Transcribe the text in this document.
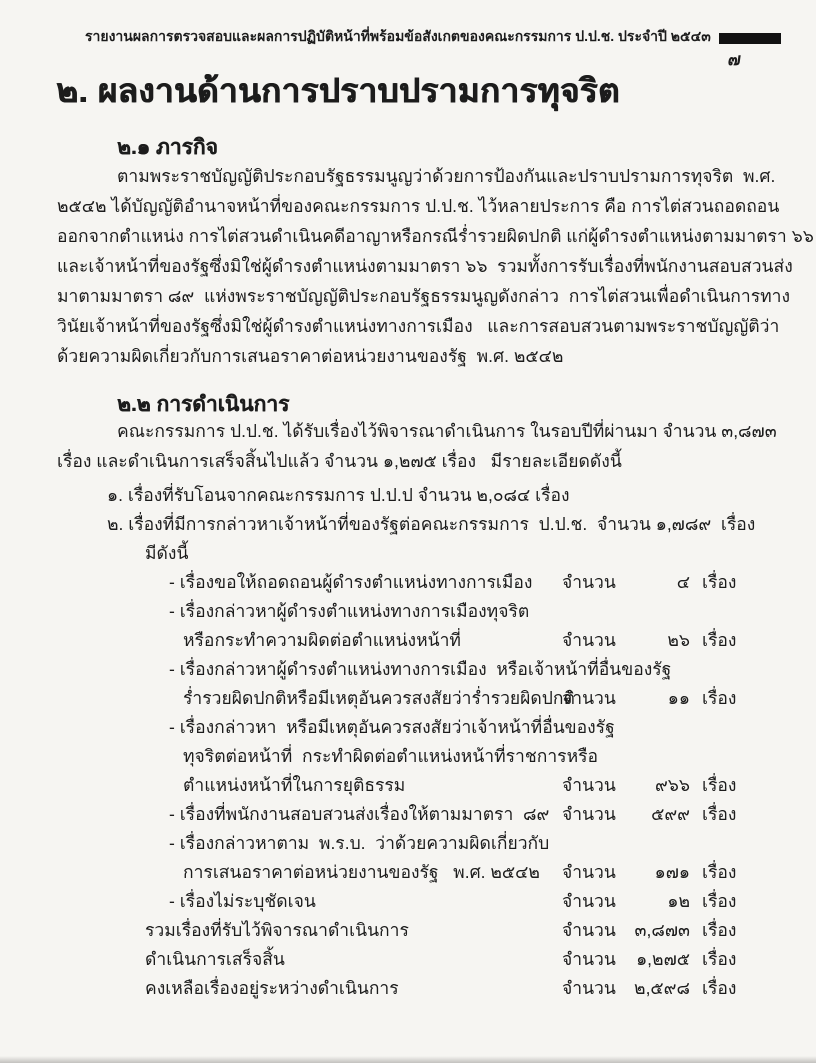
รายงานผลการตรวจสอบและผลการปฏิบัติหน้าที่พร้อมข้อสังเกตของคณะกรรมการ ป.ป.ช. ประจำปี ๒๕๔๓
๗
๒. ผลงานด้านการปราบปรามการทุจริต
๒.๑ ภารกิจ
ตามพระราชบัญญัติประกอบรัฐธรรมนูญว่าด้วยการป้องกันและปราบปรามการทุจริต  พ.ศ.
๒๕๔๒ ได้บัญญัติอำนาจหน้าที่ของคณะกรรมการ ป.ป.ช. ไว้หลายประการ คือ การไต่สวนถอดถอน
ออกจากตำแหน่ง การไต่สวนดำเนินคดีอาญาหรือกรณีร่ำรวยผิดปกติ แก่ผู้ดำรงตำแหน่งตามมาตรา ๖๖
และเจ้าหน้าที่ของรัฐซึ่งมิใช่ผู้ดำรงตำแหน่งตามมาตรา ๖๖  รวมทั้งการรับเรื่องที่พนักงานสอบสวนส่ง
มาตามมาตรา ๘๙  แห่งพระราชบัญญัติประกอบรัฐธรรมนูญดังกล่าว  การไต่สวนเพื่อดำเนินการทาง
วินัยเจ้าหน้าที่ของรัฐซึ่งมิใช่ผู้ดำรงตำแหน่งทางการเมือง   และการสอบสวนตามพระราชบัญญัติว่า
ด้วยความผิดเกี่ยวกับการเสนอราคาต่อหน่วยงานของรัฐ  พ.ศ. ๒๕๔๒
๒.๒ การดำเนินการ
คณะกรรมการ ป.ป.ช. ได้รับเรื่องไว้พิจารณาดำเนินการ ในรอบปีที่ผ่านมา จำนวน ๓,๘๗๓
เรื่อง และดำเนินการเสร็จสิ้นไปแล้ว จำนวน ๑,๒๗๕ เรื่อง   มีรายละเอียดดังนี้
๑. เรื่องที่รับโอนจากคณะกรรมการ ป.ป.ป จำนวน ๒,๐๘๔ เรื่อง
๒. เรื่องที่มีการกล่าวหาเจ้าหน้าที่ของรัฐต่อคณะกรรมการ  ป.ป.ช.  จำนวน ๑,๗๘๙  เรื่อง
มีดังนี้
- เรื่องขอให้ถอดถอนผู้ดำรงตำแหน่งทางการเมือง	จำนวน	๔ เรื่อง
- เรื่องกล่าวหาผู้ดำรงตำแหน่งทางการเมืองทุจริต
หรือกระทำความผิดต่อตำแหน่งหน้าที่	จำนวน	๒๖ เรื่อง
- เรื่องกล่าวหาผู้ดำรงตำแหน่งทางการเมือง  หรือเจ้าหน้าที่อื่นของรัฐ
ร่ำรวยผิดปกติหรือมีเหตุอันควรสงสัยว่าร่ำรวยผิดปกติ
จำนวน	๑๑ เรื่อง
- เรื่องกล่าวหา  หรือมีเหตุอันควรสงสัยว่าเจ้าหน้าที่อื่นของรัฐ
ทุจริตต่อหน้าที่  กระทำผิดต่อตำแหน่งหน้าที่ราชการหรือ
ตำแหน่งหน้าที่ในการยุติธรรม	จำนวน	๙๖๖ เรื่อง
- เรื่องที่พนักงานสอบสวนส่งเรื่องให้ตามมาตรา  ๘๙ จำนวน	๕๙๙ เรื่อง
- เรื่องกล่าวหาตาม  พ.ร.บ.  ว่าด้วยความผิดเกี่ยวกับ
การเสนอราคาต่อหน่วยงานของรัฐ   พ.ศ. ๒๕๔๒	จำนวน	๑๗๑ เรื่อง
- เรื่องไม่ระบุชัดเจน	จำนวน	๑๒ เรื่อง
รวมเรื่องที่รับไว้พิจารณาดำเนินการ	จำนวน	๓,๘๗๓ เรื่อง
ดำเนินการเสร็จสิ้น	จำนวน	๑,๒๗๕ เรื่อง
คงเหลือเรื่องอยู่ระหว่างดำเนินการ	จำนวน	๒,๕๙๘ เรื่อง
